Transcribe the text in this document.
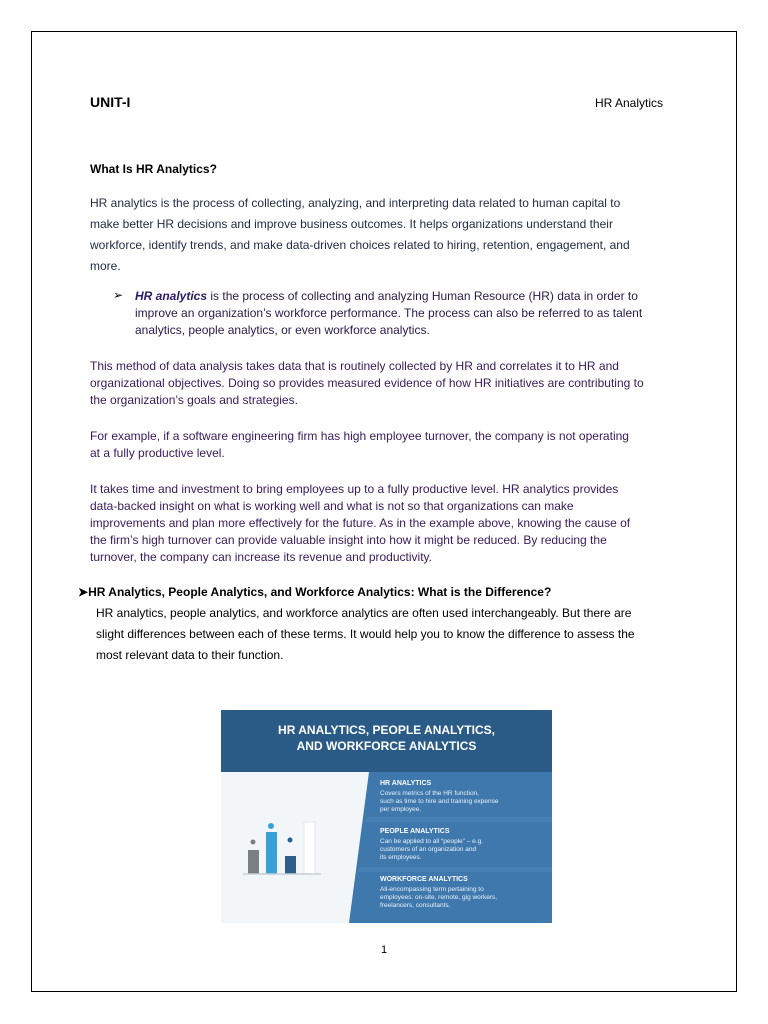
UNIT-I	HR Analytics
What Is HR Analytics?
HR analytics is the process of collecting, analyzing, and interpreting data related to human capital to
make better HR decisions and improve business outcomes. It helps organizations understand their
workforce, identify trends, and make data-driven choices related to hiring, retention, engagement, and
more.
➢ HR analytics is the process of collecting and analyzing Human Resource (HR) data in order to
improve an organization’s workforce performance. The process can also be referred to as talent
analytics, people analytics, or even workforce analytics.
This method of data analysis takes data that is routinely collected by HR and correlates it to HR and
organizational objectives. Doing so provides measured evidence of how HR initiatives are contributing to
the organization’s goals and strategies.
For example, if a software engineering firm has high employee turnover, the company is not operating
at a fully productive level.
It takes time and investment to bring employees up to a fully productive level. HR analytics provides
data-backed insight on what is working well and what is not so that organizations can make
improvements and plan more effectively for the future. As in the example above, knowing the cause of
the firm’s high turnover can provide valuable insight into how it might be reduced. By reducing the
turnover, the company can increase its revenue and productivity.
➤HR Analytics, People Analytics, and Workforce Analytics: What is the Difference?
HR analytics, people analytics, and workforce analytics are often used interchangeably. But there are
slight differences between each of these terms. It would help you to know the difference to assess the
most relevant data to their function.
HR ANALYTICS, PEOPLE ANALYTICS,
AND WORKFORCE ANALYTICS
HR ANALYTICS
Covers metrics of the HR function,
such as time to hire and training expense
per employee.
PEOPLE ANALYTICS
Can be applied to all “people” – e.g.
customers of an organization and
its employees.
WORKFORCE ANALYTICS
All-encompassing term pertaining to
employees: on-site, remote, gig workers,
freelancers, consultants.
1
